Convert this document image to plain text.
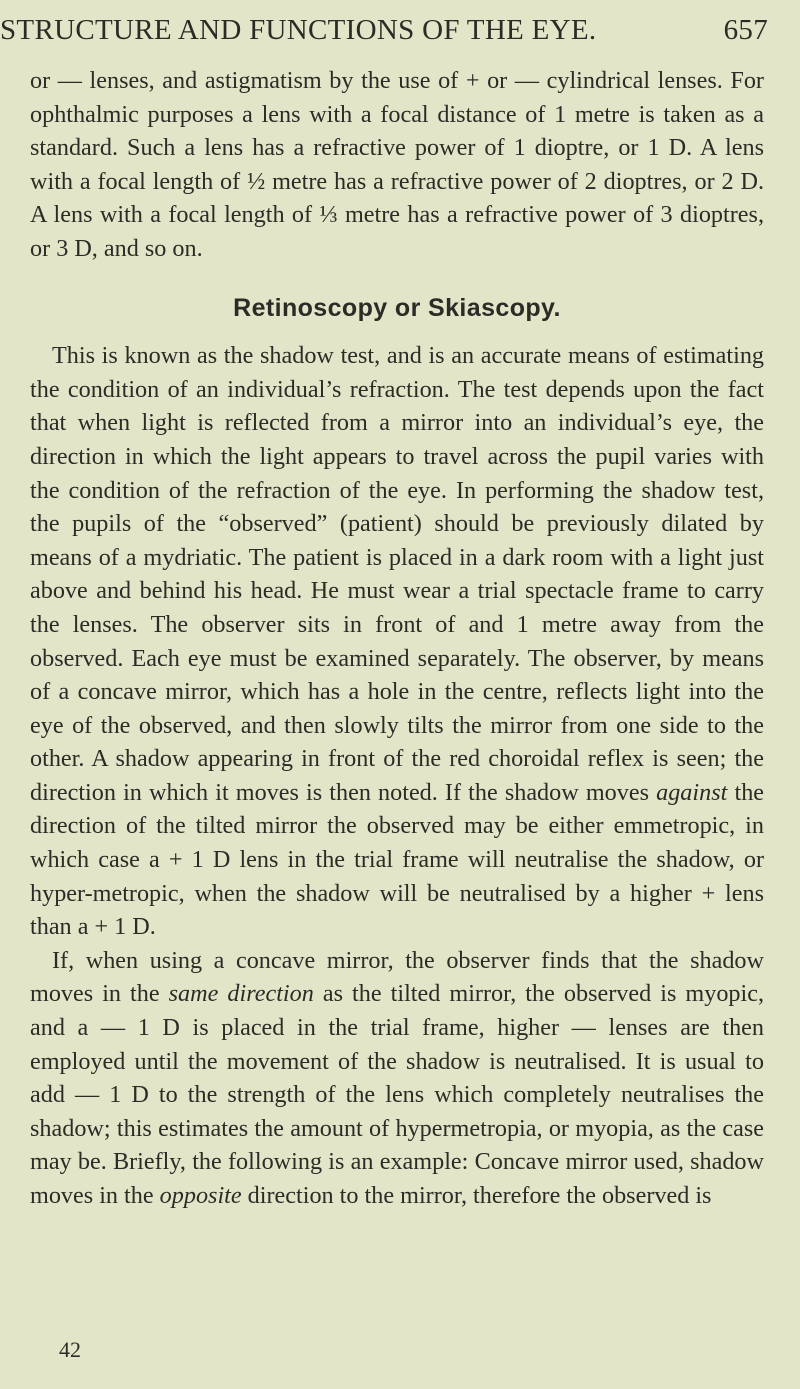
STRUCTURE AND FUNCTIONS OF THE EYE.	657

or — lenses, and astigmatism by the use of + or — cylindrical lenses. For ophthalmic purposes a lens with a focal distance of 1 metre is taken as a standard. Such a lens has a refractive power of 1 dioptre, or 1 D. A lens with a focal length of ½ metre has a refractive power of 2 dioptres, or 2 D. A lens with a focal length of ⅓ metre has a refractive power of 3 dioptres, or 3 D, and so on.

Retinoscopy or Skiascopy.

This is known as the shadow test, and is an accurate means of estimating the condition of an individual’s refraction. The test depends upon the fact that when light is reflected from a mirror into an individual’s eye, the direction in which the light appears to travel across the pupil varies with the condition of the refraction of the eye. In performing the shadow test, the pupils of the “observed” (patient) should be previously dilated by means of a mydriatic. The patient is placed in a dark room with a light just above and behind his head. He must wear a trial spectacle frame to carry the lenses. The observer sits in front of and 1 metre away from the observed. Each eye must be examined separately. The observer, by means of a concave mirror, which has a hole in the centre, reflects light into the eye of the observed, and then slowly tilts the mirror from one side to the other. A shadow appearing in front of the red choroidal reflex is seen; the direction in which it moves is then noted. If the shadow moves against the direction of the tilted mirror the observed may be either emmetropic, in which case a + 1 D lens in the trial frame will neutralise the shadow, or hyper-metropic, when the shadow will be neutralised by a higher + lens than a + 1 D.

If, when using a concave mirror, the observer finds that the shadow moves in the same direction as the tilted mirror, the observed is myopic, and a — 1 D is placed in the trial frame, higher — lenses are then employed until the movement of the shadow is neutralised. It is usual to add — 1 D to the strength of the lens which completely neutralises the shadow; this estimates the amount of hypermetropia, or myopia, as the case may be. Briefly, the following is an example: Concave mirror used, shadow moves in the opposite direction to the mirror, therefore the observed is

42
